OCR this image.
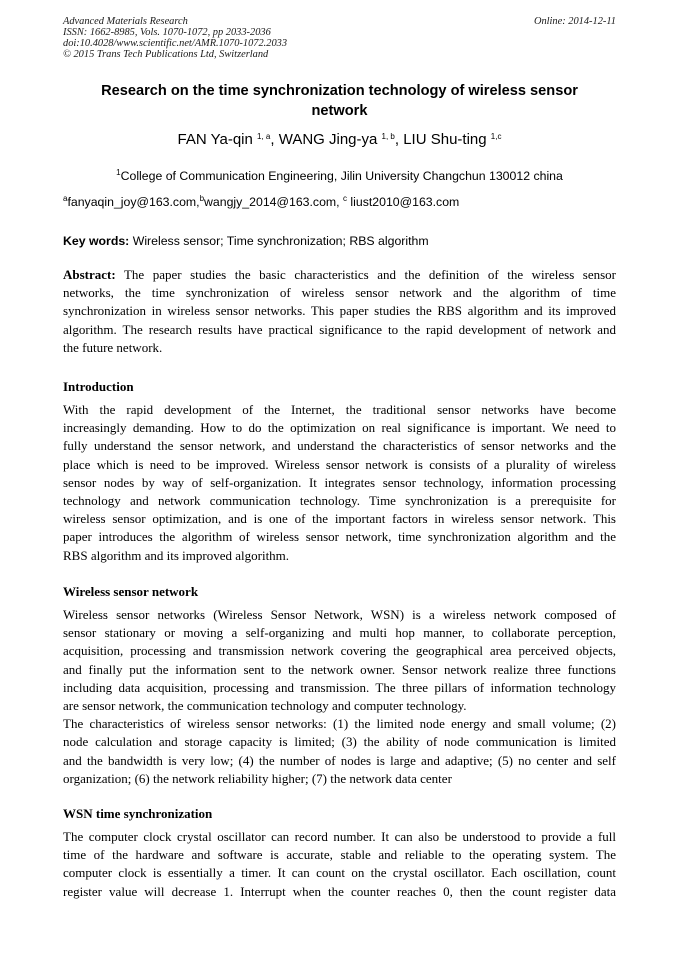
Advanced Materials Research	Online: 2014-12-11
ISSN: 1662-8985, Vols. 1070-1072, pp 2033-2036
doi:10.4028/www.scientific.net/AMR.1070-1072.2033
© 2015 Trans Tech Publications Ltd, Switzerland
Research on the time synchronization technology of wireless sensor
network
FAN Ya-qin $^{1, a}$, WANG Jing-ya $^{1, b}$, LIU Shu-ting $^{1,c}$
$^1$College of Communication Engineering, Jilin University Changchun 130012 china
$^a$fanyaqin_joy@163.com,$^b$wangjy_2014@163.com, $^c$ liust2010@163.com
Key words: Wireless sensor; Time synchronization; RBS algorithm
Abstract: The paper studies the basic characteristics and the definition of the wireless sensor
networks, the time synchronization of wireless sensor network and the algorithm of time
synchronization in wireless sensor networks. This paper studies the RBS algorithm and its improved
algorithm. The research results have practical significance to the rapid development of network and
the future network.
Introduction
With the rapid development of the Internet, the traditional sensor networks have become
increasingly demanding. How to do the optimization on real significance is important. We need to
fully understand the sensor network, and understand the characteristics of sensor networks and the
place which is need to be improved. Wireless sensor network is consists of a plurality of wireless
sensor nodes by way of self-organization. It integrates sensor technology, information processing
technology and network communication technology. Time synchronization is a prerequisite for
wireless sensor optimization, and is one of the important factors in wireless sensor network. This
paper introduces the algorithm of wireless sensor network, time synchronization algorithm and the
RBS algorithm and its improved algorithm.
Wireless sensor network
Wireless sensor networks (Wireless Sensor Network, WSN) is a wireless network composed of
sensor stationary or moving a self-organizing and multi hop manner, to collaborate perception,
acquisition, processing and transmission network covering the geographical area perceived objects,
and finally put the information sent to the network owner. Sensor network realize three functions
including data acquisition, processing and transmission. The three pillars of information technology
are sensor network, the communication technology and computer technology.
The characteristics of wireless sensor networks: (1) the limited node energy and small volume; (2)
node calculation and storage capacity is limited; (3) the ability of node communication is limited
and the bandwidth is very low; (4) the number of nodes is large and adaptive; (5) no center and self
organization; (6) the network reliability higher; (7) the network data center
WSN time synchronization
The computer clock crystal oscillator can record number. It can also be understood to provide a full
time of the hardware and software is accurate, stable and reliable to the operating system. The
computer clock is essentially a timer. It can count on the crystal oscillator. Each oscillation, count
register value will decrease 1. Interrupt when the counter reaches 0, then the count register data
